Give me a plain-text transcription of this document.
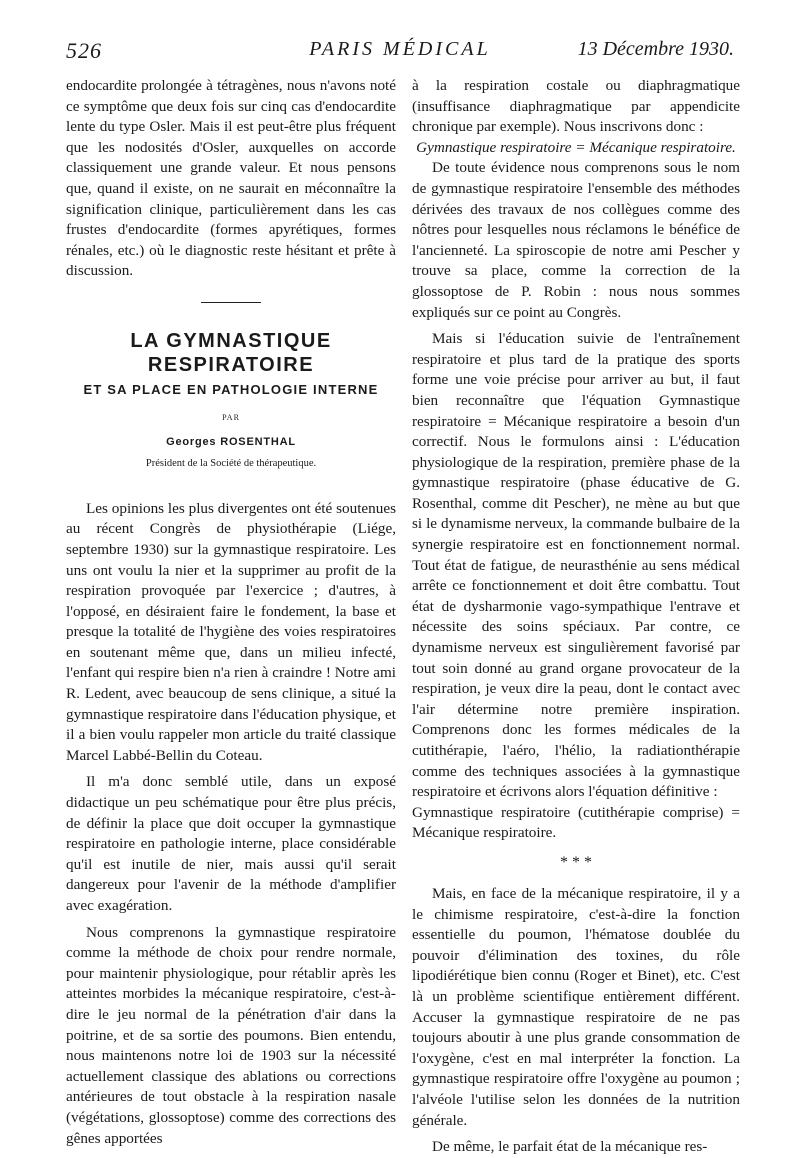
526	PARIS MÉDICAL	13 Décembre 1930.

endocardite prolongée à tétragènes, nous n'avons noté ce symptôme que deux fois sur cinq cas d'endocardite lente du type Osler. Mais il est peut-être plus fréquent que les nodosités d'Osler, auxquelles on accorde classiquement une grande valeur. Et nous pensons que, quand il existe, on ne saurait en méconnaître la signification clinique, particulièrement dans les cas frustes d'endocardite (formes apyrétiques, formes rénales, etc.) où le diagnostic reste hésitant et prête à discussion.

LA GYMNASTIQUE RESPIRATOIRE
ET SA PLACE EN PATHOLOGIE INTERNE
PAR
Georges ROSENTHAL
Président de la Société de thérapeutique.

Les opinions les plus divergentes ont été soutenues au récent Congrès de physiothérapie (Liége, septembre 1930) sur la gymnastique respiratoire. Les uns ont voulu la nier et la supprimer au profit de la respiration provoquée par l'exercice ; d'autres, à l'opposé, en désiraient faire le fondement, la base et presque la totalité de l'hygiène des voies respiratoires en soutenant même que, dans un milieu infecté, l'enfant qui respire bien n'a rien à craindre ! Notre ami R. Ledent, avec beaucoup de sens clinique, a situé la gymnastique respiratoire dans l'éducation physique, et il a bien voulu rappeler mon article du traité classique Marcel Labbé-Bellin du Coteau.

Il m'a donc semblé utile, dans un exposé didactique un peu schématique pour être plus précis, de définir la place que doit occuper la gymnastique respiratoire en pathologie interne, place considérable qu'il est inutile de nier, mais aussi qu'il serait dangereux pour l'avenir de la méthode d'amplifier avec exagération.

Nous comprenons la gymnastique respiratoire comme la méthode de choix pour rendre normale, pour maintenir physiologique, pour rétablir après les atteintes morbides la mécanique respiratoire, c'est-à-dire le jeu normal de la pénétration d'air dans la poitrine, et de sa sortie des poumons. Bien entendu, nous maintenons notre loi de 1903 sur la nécessité actuellement classique des ablations ou corrections antérieures de tout obstacle à la respiration nasale (végétations, glossoptose) comme des corrections des gênes apportées

à la respiration costale ou diaphragmatique (insuffisance diaphragmatique par appendicite chronique par exemple). Nous inscrivons donc :

Gymnastique respiratoire = Mécanique respiratoire.

De toute évidence nous comprenons sous le nom de gymnastique respiratoire l'ensemble des méthodes dérivées des travaux de nos collègues comme des nôtres pour lesquelles nous réclamons le bénéfice de l'ancienneté. La spiroscopie de notre ami Pescher y trouve sa place, comme la correction de la glossoptose de P. Robin : nous nous sommes expliqués sur ce point au Congrès.

Mais si l'éducation suivie de l'entraînement respiratoire et plus tard de la pratique des sports forme une voie précise pour arriver au but, il faut bien reconnaître que l'équation Gymnastique respiratoire = Mécanique respiratoire a besoin d'un correctif. Nous le formulons ainsi : L'éducation physiologique de la respiration, première phase de la gymnastique respiratoire (phase éducative de G. Rosenthal, comme dit Pescher), ne mène au but que si le dynamisme nerveux, la commande bulbaire de la synergie respiratoire est en fonctionnement normal. Tout état de fatigue, de neurasthénie au sens médical arrête ce fonctionnement et doit être combattu. Tout état de dysharmonie vago-sympathique l'entrave et nécessite des soins spéciaux. Par contre, ce dynamisme nerveux est singulièrement favorisé par tout soin donné au grand organe provocateur de la respiration, je veux dire la peau, dont le contact avec l'air détermine notre première inspiration. Comprenons donc les formes médicales de la cutithérapie, l'aéro, l'hélio, la radiationthérapie comme des techniques associées à la gymnastique respiratoire et écrivons alors l'équation définitive :

Gymnastique respiratoire (cutithérapie comprise) = Mécanique respiratoire.

* * *

Mais, en face de la mécanique respiratoire, il y a le chimisme respiratoire, c'est-à-dire la fonction essentielle du poumon, l'hématose doublée du pouvoir d'élimination des toxines, du rôle lipodiérétique bien connu (Roger et Binet), etc. C'est là un problème scientifique entièrement différent. Accuser la gymnastique respiratoire de ne pas toujours aboutir à une plus grande consommation de l'oxygène, c'est en mal interpréter la fonction. La gymnastique respiratoire offre l'oxygène au poumon ; l'alvéole l'utilise selon les données de la nutrition générale.

De même, le parfait état de la mécanique res-
